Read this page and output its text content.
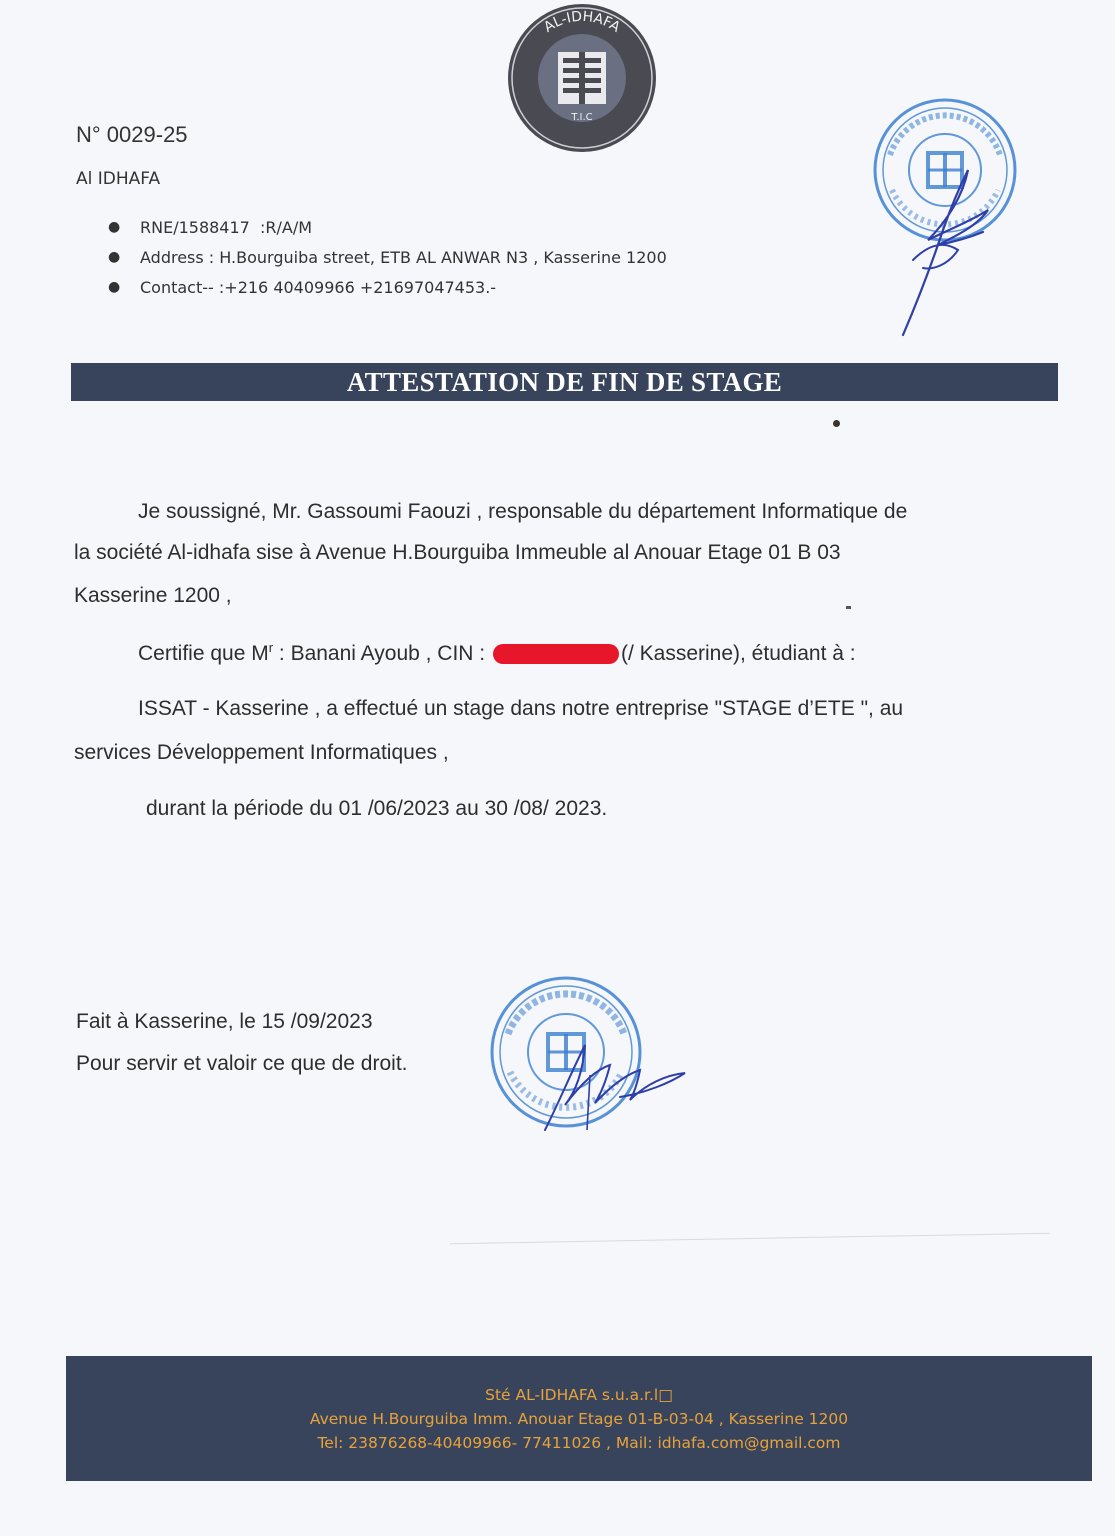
AL-IDHAFA
T.I.C
N° 0029-25
Al IDHAFA
●	RNE/1588417
:R/A/M
●	Address :
H.Bourguiba street, ETB AL ANWAR N3 , Kasserine 1200
●	Contact--
:+216 40409966 +21697047453.-
ATTESTATION DE FIN DE STAGE
Je soussigné, Mr. Gassoumi Faouzi , responsable du département Informatique de
la société Al-idhafa sise à Avenue H.Bourguiba Immeuble al Anouar Etage 01 B 03
Kasserine 1200 ,
Certifie que $M^r$ : Banani Ayoub , CIN :	(/ Kasserine), étudiant à :
ISSAT - Kasserine , a effectué un stage dans notre entreprise "STAGE d’ETE ", au
services Développement Informatiques ,
durant la période du 01 /06/2023 au 30 /08/ 2023.
Fait à Kasserine, le 15 /09/2023
Pour servir et valoir ce que de droit.
Sté AL-IDHAFA s.u.a.r.l□
Avenue H.Bourguiba Imm. Anouar Etage 01-B-03-04 , Kasserine 1200
Tel: 23876268-40409966- 77411026 , Mail: idhafa.com@gmail.com
